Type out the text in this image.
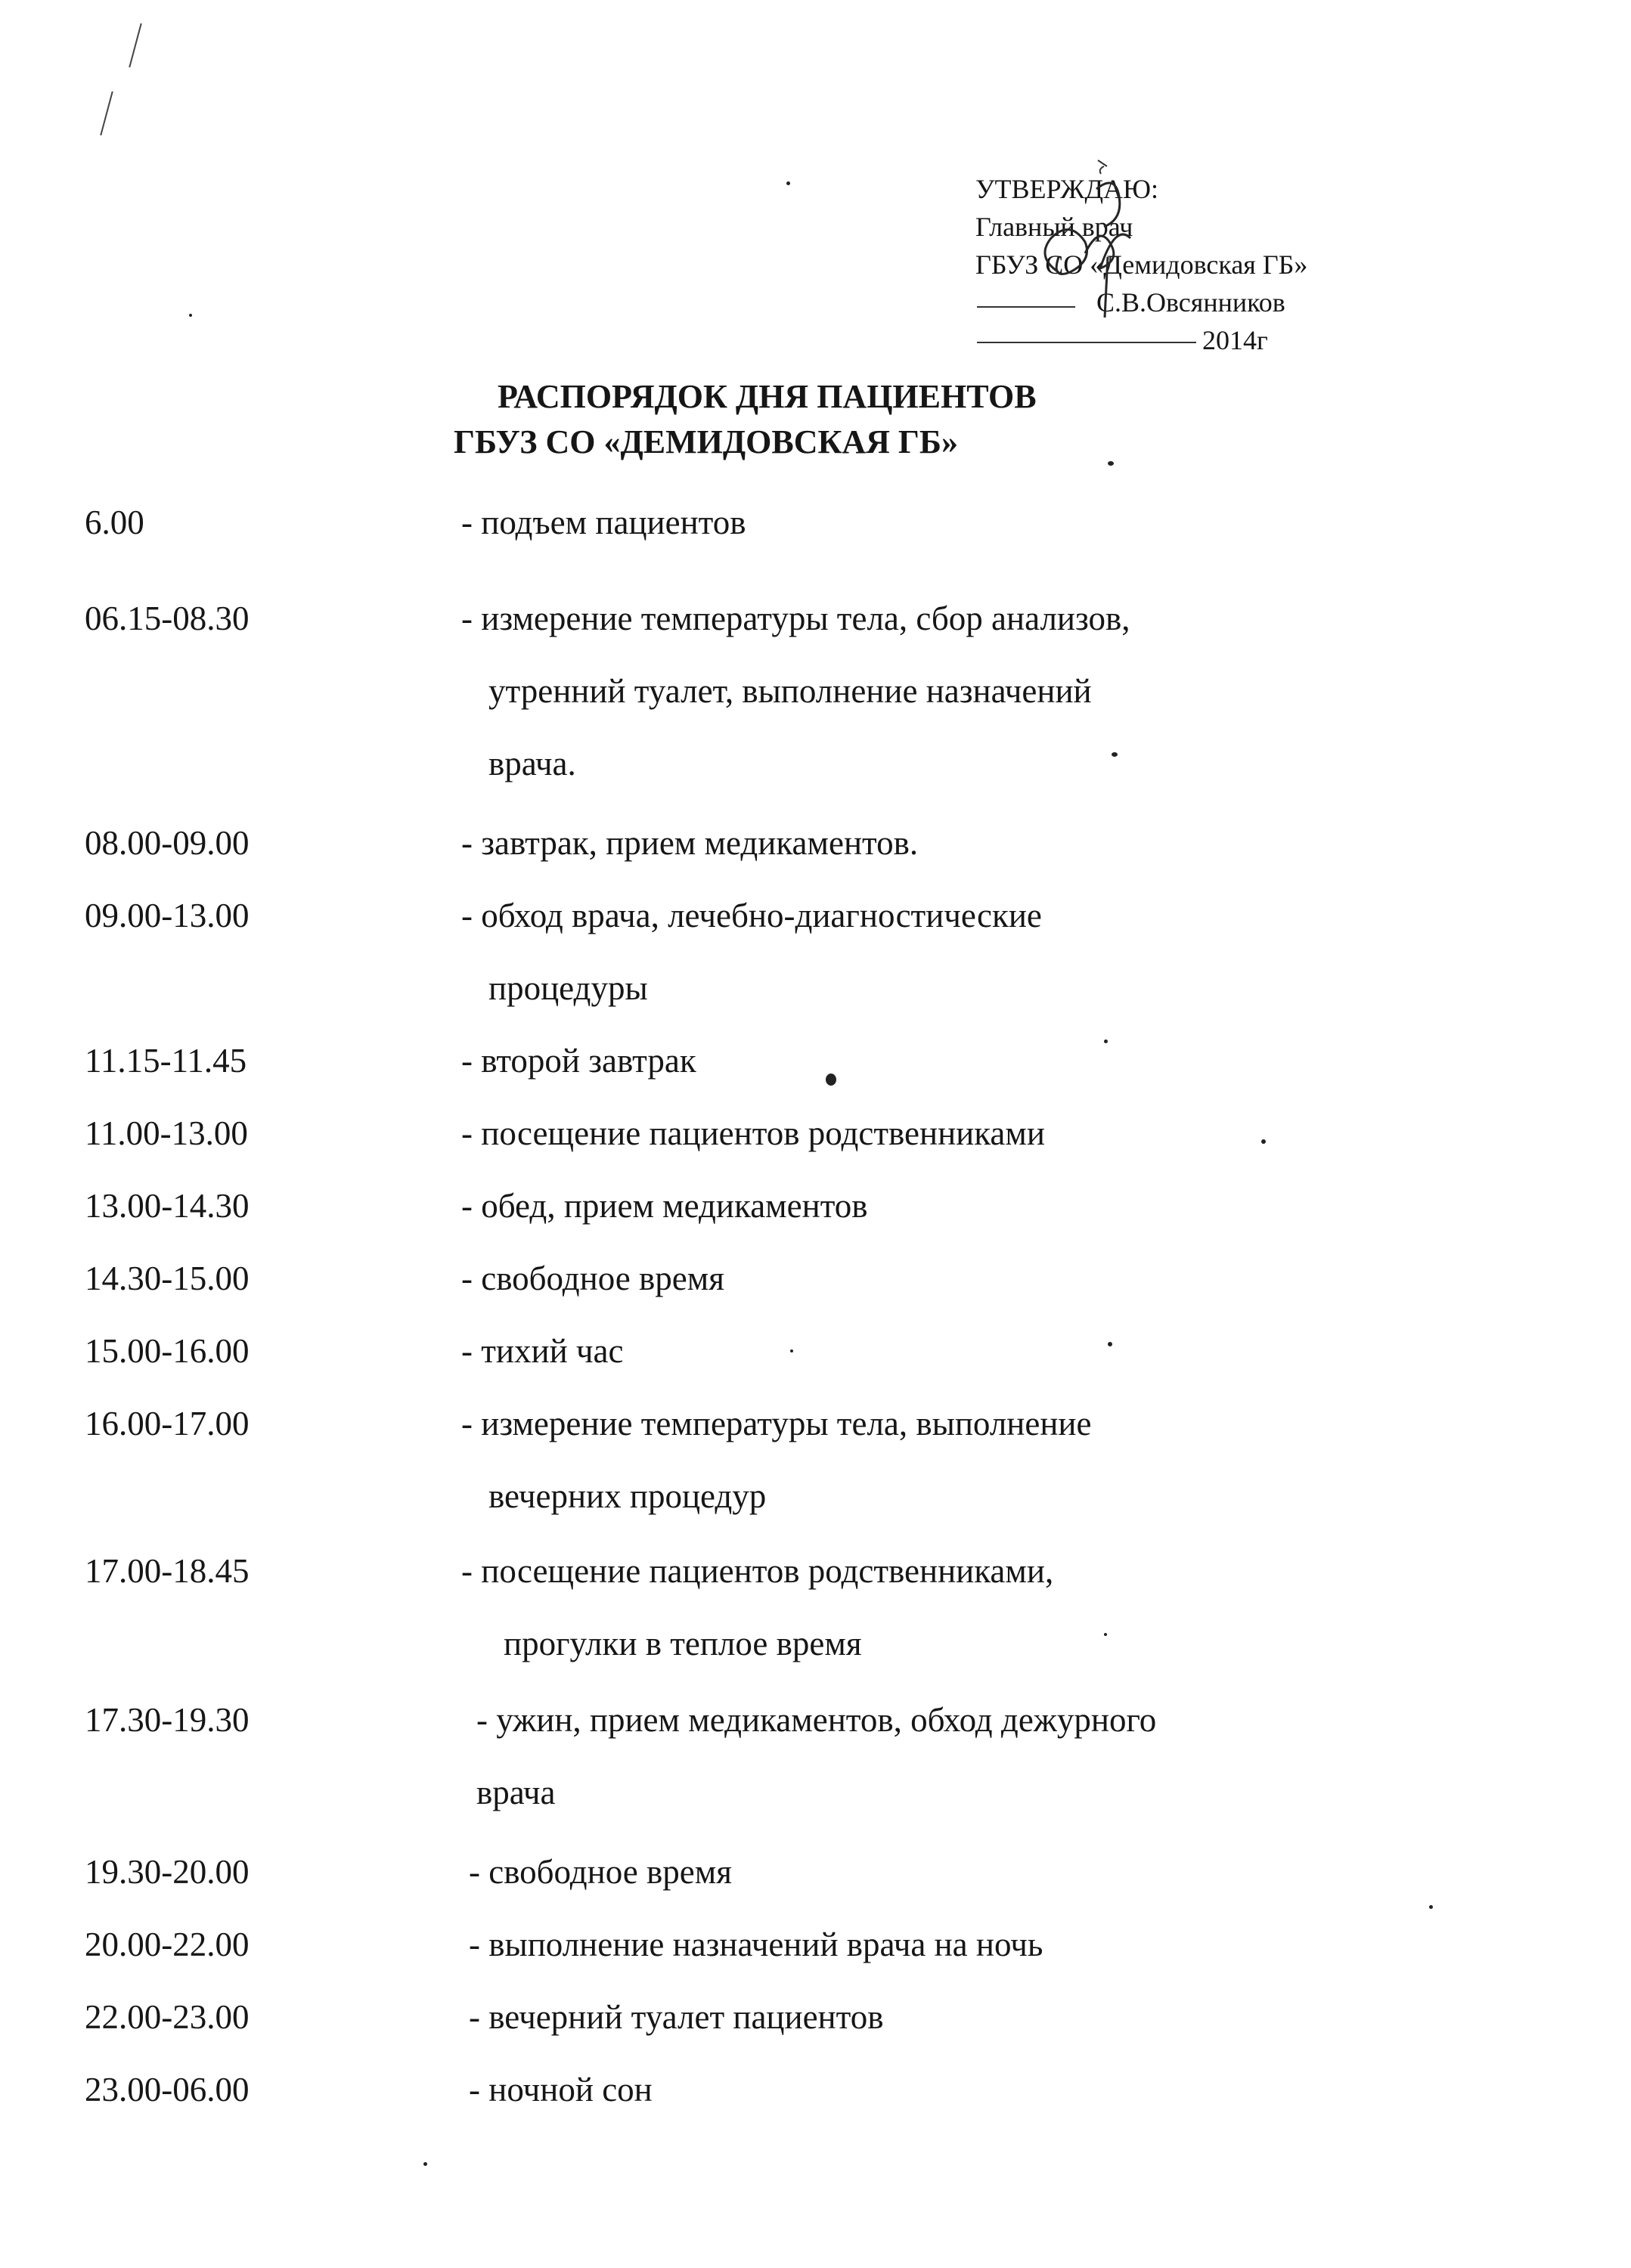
УТВЕРЖДАЮ:
Главный врач
ГБУЗ СО «Демидовская ГБ»
С.В.Овсянников
2014г
РАСПОРЯДОК ДНЯ ПАЦИЕНТОВ
ГБУЗ СО «ДЕМИДОВСКАЯ ГБ»
6.00	- подъем пациентов
06.15-08.30	- измерение температуры тела, сбор анализов,
утренний туалет, выполнение назначений
врача.
08.00-09.00	- завтрак, прием медикаментов.
09.00-13.00	- обход врача, лечебно-диагностические
процедуры
11.15-11.45	- второй завтрак
11.00-13.00	- посещение пациентов родственниками
13.00-14.30	- обед, прием медикаментов
14.30-15.00	- свободное время
15.00-16.00	- тихий час
16.00-17.00	- измерение температуры тела, выполнение
вечерних процедур
17.00-18.45	- посещение пациентов родственниками,
прогулки в теплое время
17.30-19.30	- ужин, прием медикаментов, обход дежурного
врача
19.30-20.00	- свободное время
20.00-22.00	- выполнение назначений врача на ночь
22.00-23.00	- вечерний туалет пациентов
23.00-06.00	- ночной сон
